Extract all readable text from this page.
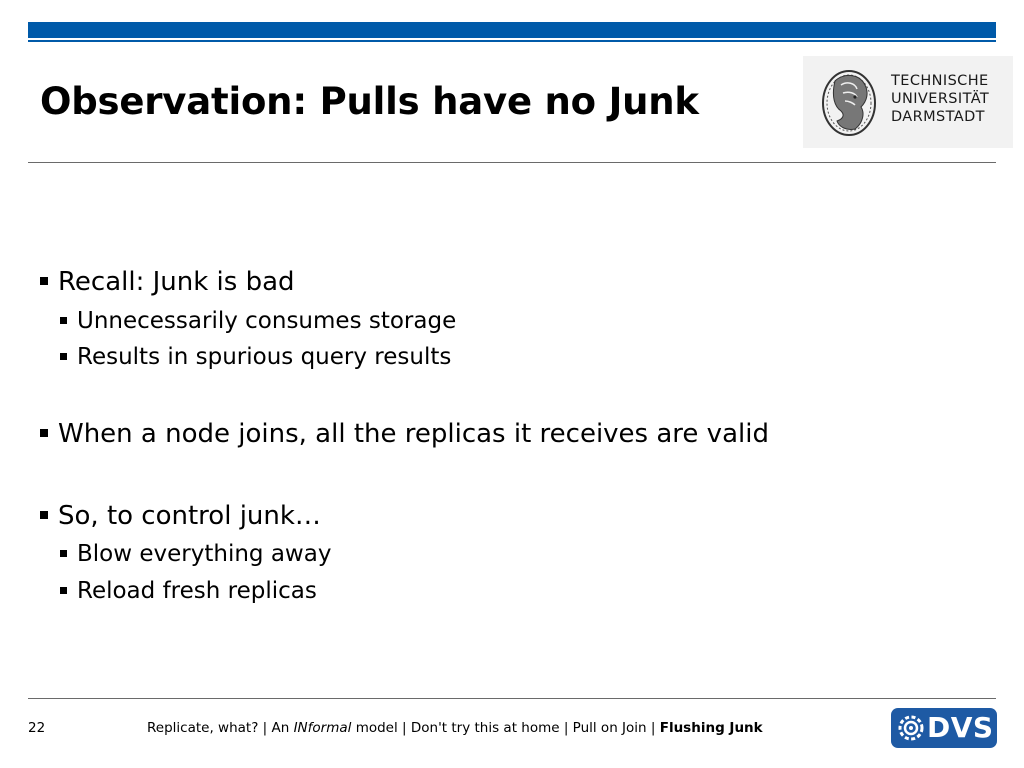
Observation: Pulls have no Junk	TECHNISCHE
UNIVERSITÄT
DARMSTADT
Recall: Junk is bad
Unnecessarily consumes storage
Results in spurious query results
When a node joins, all the replicas it receives are valid
So, to control junk…
Blow everything away
Reload fresh replicas
22	Replicate, what? | An INformal model | Don't try this at home | Pull on Join | Flushing Junk	DVS
